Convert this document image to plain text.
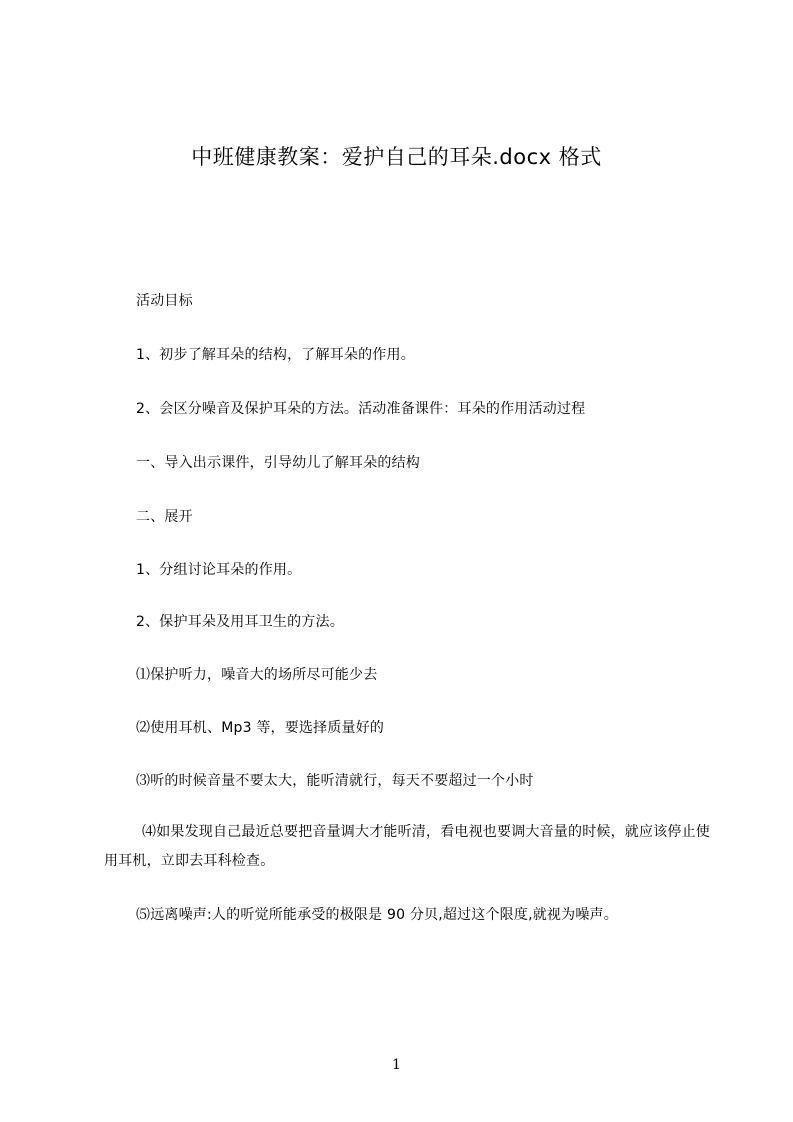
中班健康教案：爱护自己的耳朵.docx 格式
活动目标
1、初步了解耳朵的结构，了解耳朵的作用。
2、会区分噪音及保护耳朵的方法。活动准备课件：耳朵的作用活动过程
一、导入出示课件，引导幼儿了解耳朵的结构
二、展开
1、分组讨论耳朵的作用。
2、保护耳朵及用耳卫生的方法。
⑴保护听力，噪音大的场所尽可能少去
⑵使用耳机、Mp3 等，要选择质量好的
⑶听的时候音量不要太大，能听清就行，每天不要超过一个小时
⑷如果发现自己最近总要把音量调大才能听清，看电视也要调大音量的时候，就应该停止使用耳机，立即去耳科检查。
⑸远离噪声:人的听觉所能承受的极限是 90 分贝,超过这个限度,就视为噪声。
1
